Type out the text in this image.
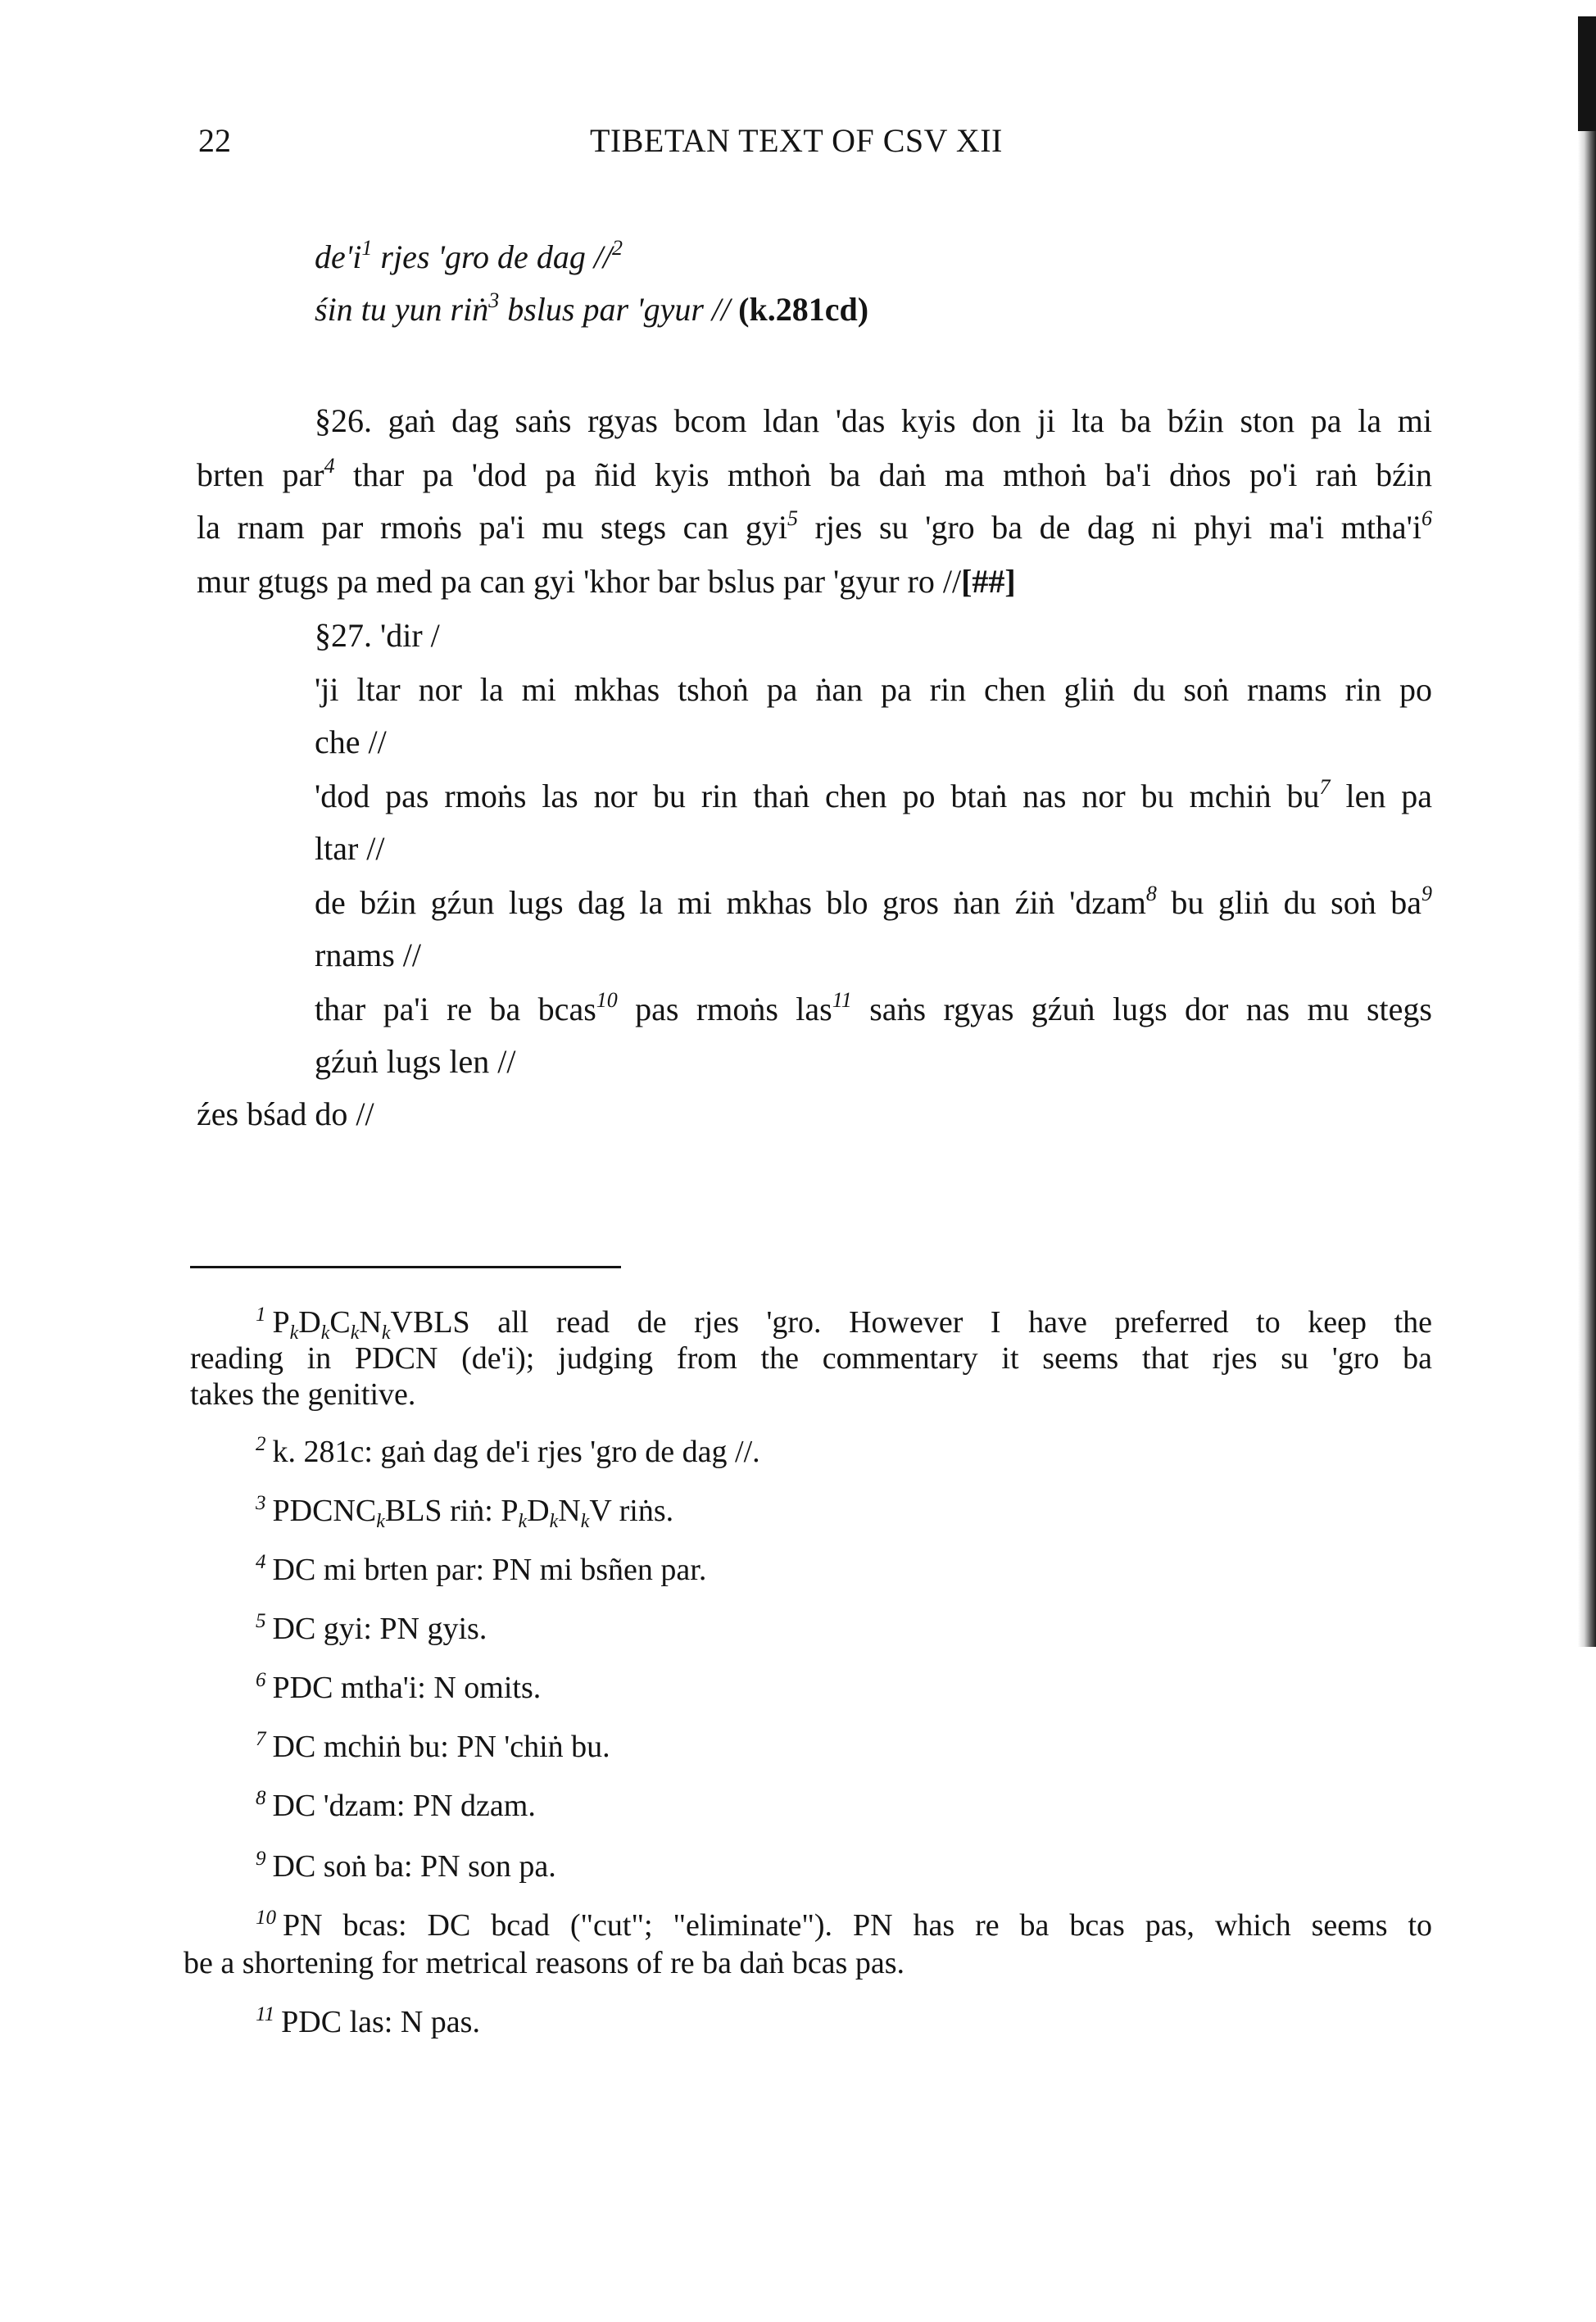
22	TIBETAN TEXT OF CSV XII
$de'i^1$ rjes 'gro de dag //$^2$
śin tu yun riṅ$^3$ bslus par 'gyur // (k.281cd)
§26. gaṅ dag saṅs rgyas bcom ldan 'das kyis don ji lta ba bźin ston pa la mi
brten par$^4$ thar pa 'dod pa ñid kyis mthoṅ ba daṅ ma mthoṅ ba'i dṅos po'i raṅ bźin
la rnam par rmoṅs pa'i mu stegs can gyi$^5$ rjes su 'gro ba de dag ni phyi ma'i $mtha'i^6$
mur gtugs pa med pa can gyi 'khor bar bslus par 'gyur ro //[##]
§27. 'dir /
'ji ltar nor la mi mkhas tshoṅ pa ṅan pa rin chen gliṅ du soṅ rnams rin po
che //
'dod pas rmoṅs las nor bu rin thaṅ chen po btaṅ nas nor bu mchiṅ $bu^7$ len pa
ltar //
de bźin gźun lugs dag la mi mkhas blo gros ṅan źiṅ 'dzam$^8$ bu gliṅ du soṅ $ba^9$
rnams //
thar pa'i re ba bcas$^{10}$ pas rmoṅs las$^{11}$ saṅs rgyas gźuṅ lugs dor nas mu stegs
gźuṅ lugs len //
źes bśad do //
$^1$ $P_kD_kC_kN_kVBLS$ all read de rjes 'gro. However I have preferred to keep the
reading in PDCN (de'i); judging from the commentary it seems that rjes su 'gro ba
takes the genitive.
$^2$ k. 281c: gaṅ dag de'i rjes 'gro de dag //.
$^3$ $PDCNC_kBLS$ riṅ: $P_kD_kN_kV$ riṅs.
$^4$ DC mi brten par: PN mi bsñen par.
$^5$ DC gyi: PN gyis.
$^6$ PDC mtha'i: N omits.
$^7$ DC mchiṅ bu: PN 'chiṅ bu.
$^8$ DC 'dzam: PN dzam.
$^9$ DC soṅ ba: PN son pa.
$^{10}$ PN bcas: DC bcad ("cut"; "eliminate"). PN has re ba bcas pas, which seems to
be a shortening for metrical reasons of re ba daṅ bcas pas.
$^{11}$ PDC las: N pas.
